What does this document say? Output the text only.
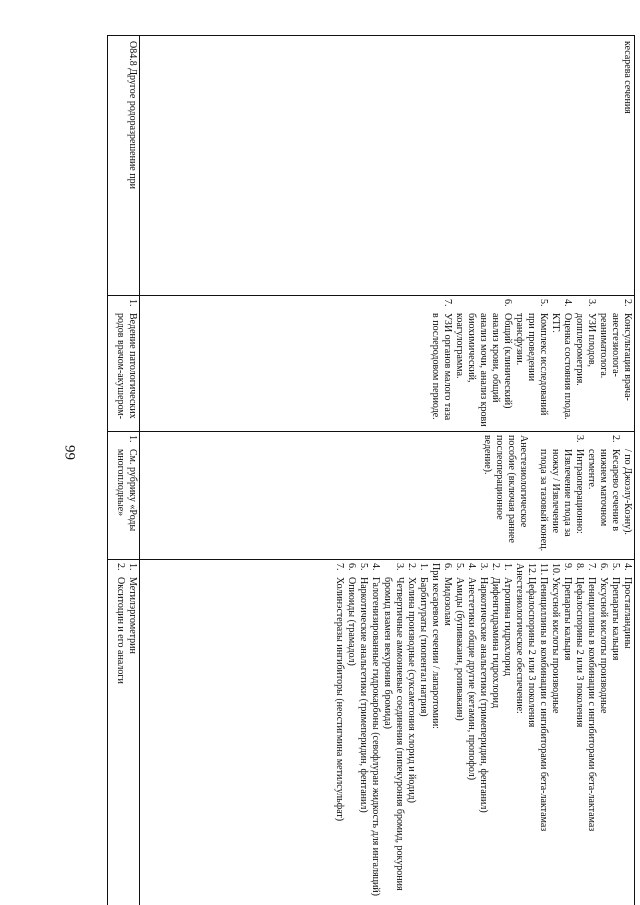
99
кесарева сечения
2.
Консультация врача-анестезиолога-реаниматолога.
3.
УЗИ плодов, допплерометрия.
4.
Оценка состояния плода. КТГ.
5.
Комплекс исследований при проведении трансфузии.
6.
Общий (клинический) анализ крови, общий анализ мочи, анализ крови биохимический, коагулограмма.
7.
УЗИ органов малого таза в послеродовом периоде.
/ по Джоэлу-Коэну).
2.
Кесарево сечение в нижнем маточном сегменте.
3.
Интраоперационно: Извлечение плода за ножку / Извлечение плода за тазовый конец.
Анестезиологическое пособие (включая раннее послеоперационное ведение).
4.
Простагландины
5.
Препараты кальция
6.
Уксусной кислоты производные
7.
Пенициллины в комбинации с ингибиторами бета-лактамаз
8.
Цефалоспорины 2 или 3 поколения
9.
Препараты кальция
10.
Уксусной кислоты производные
11.
Пенициллины в комбинации с ингибиторами бета-лактамаз
12.
Цефалоспорины 2 или 3 поколения
Анестезиологическое обеспечение:
1.
Атропина гидрохлорид
2.
Дифенгидрамина гидрохлорид
3.
Наркотические анальгетики (тримеперидин, фентанил)
4.
Анестетики общие другие (кетамин, пропофол)
5.
Амиды (бупивакаин, ропивакаин)
6.
Мидозолам
При кесаревом сечении / лапаротомии:
1.
Барбитураты (тиопентал натрия)
2.
Холина производные (суксаметония хлорид и йодид)
3.
Четвертичные аммониевые соединения (пипекурония бромид, рокурония бромид взамен векурония бромида)
4.
Галогенизированные гидрокарбоны (севофлуран жидкость для ингаляций)
5.
Наркотические анальгетики (тримеперидин, фентанил)
6.
Опиоиды (трамадол)
7.
Холинэстеразы ингибиторы (неостигмина метилсульфат)
О84.8 Другое родоразрешение при
1.
Ведение патологических родов врачом-акушером-
1.
См. рубрику «Роды многоплодные»
1.
Метилэргометрин
2.
Окситоцин и его аналоги
